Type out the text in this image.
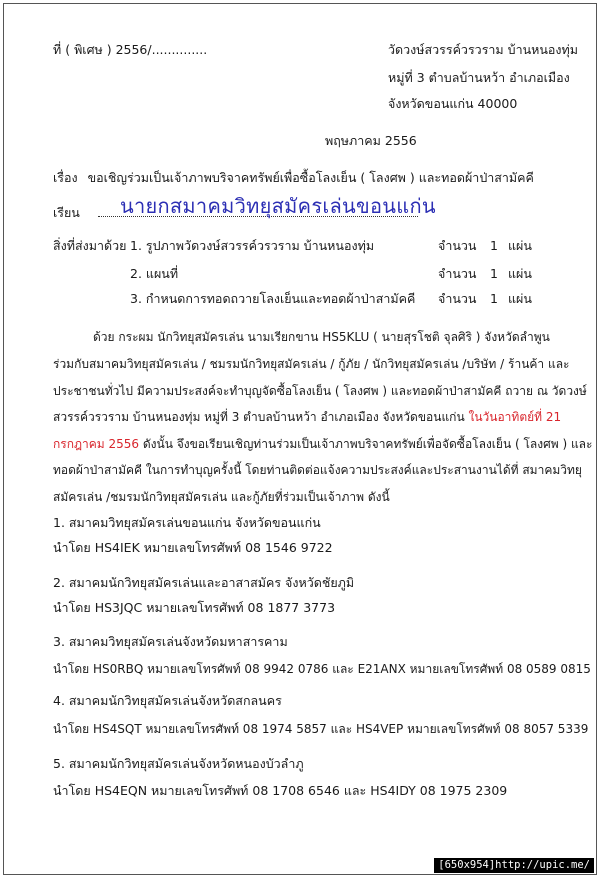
ที่ ( พิเศษ ) 2556/..............	วัดวงษ์สวรรค์วรวราม บ้านหนองทุ่ม
หมู่ที่ 3 ตำบลบ้านหว้า อำเภอเมือง
จังหวัดขอนแก่น 40000
พฤษภาคม 2556
เรื่อง ขอเชิญร่วมเป็นเจ้าภาพบริจาคทรัพย์เพื่อซื้อโลงเย็น ( โลงศพ ) และทอดผ้าป่าสามัคคี
เรียน นายกสมาคมวิทยุสมัครเล่นขอนแก่น
สิ่งที่ส่งมาด้วย 1. รูปภาพวัดวงษ์สวรรค์วรวราม บ้านหนองทุ่ม
2. แผนที่
3. กำหนดการทอดถวายโลงเย็นและทอดผ้าป่าสามัคคี
จำนวน 1 แผ่น
จำนวน 1 แผ่น
จำนวน 1 แผ่น
ด้วย กระผม นักวิทยุสมัครเล่น นามเรียกขาน HS5KLU ( นายสุรโชติ จุลศิริ ) จังหวัดลำพูน
ร่วมกับสมาคมวิทยุสมัครเล่น / ชมรมนักวิทยุสมัครเล่น / กู้ภัย / นักวิทยุสมัครเล่น /บริษัท / ร้านค้า และ
ประชาชนทั่วไป มีความประสงค์จะทำบุญจัดซื้อโลงเย็น ( โลงศพ ) และทอดผ้าป่าสามัคคี ถวาย ณ วัดวงษ์
สวรรค์วรวราม บ้านหนองทุ่ม หมู่ที่ 3 ตำบลบ้านหว้า อำเภอเมือง จังหวัดขอนแก่น ในวันอาทิตย์ที่ 21
กรกฎาคม 2556 ดังนั้น จึงขอเรียนเชิญท่านร่วมเป็นเจ้าภาพบริจาคทรัพย์เพื่อจัดซื้อโลงเย็น ( โลงศพ ) และ
ทอดผ้าป่าสามัคคี ในการทำบุญครั้งนี้ โดยท่านติดต่อแจ้งความประสงค์และประสานงานได้ที่ สมาคมวิทยุ
สมัครเล่น /ชมรมนักวิทยุสมัครเล่น และกู้ภัยที่ร่วมเป็นเจ้าภาพ ดังนี้
1. สมาคมวิทยุสมัครเล่นขอนแก่น จังหวัดขอนแก่น
นำโดย HS4IEK หมายเลขโทรศัพท์ 08 1546 9722
2. สมาคมนักวิทยุสมัครเล่นและอาสาสมัคร จังหวัดชัยภูมิ
นำโดย HS3JQC หมายเลขโทรศัพท์ 08 1877 3773
3. สมาคมวิทยุสมัครเล่นจังหวัดมหาสารคาม
นำโดย HS0RBQ หมายเลขโทรศัพท์ 08 9942 0786 และ E21ANX หมายเลขโทรศัพท์ 08 0589 0815
4. สมาคมนักวิทยุสมัครเล่นจังหวัดสกลนคร
นำโดย HS4SQT หมายเลขโทรศัพท์ 08 1974 5857 และ HS4VEP หมายเลขโทรศัพท์ 08 8057 5339
5. สมาคมนักวิทยุสมัครเล่นจังหวัดหนองบัวลำภู
นำโดย HS4EQN หมายเลขโทรศัพท์ 08 1708 6546 และ HS4IDY 08 1975 2309
[650x954]http://upic.me/
